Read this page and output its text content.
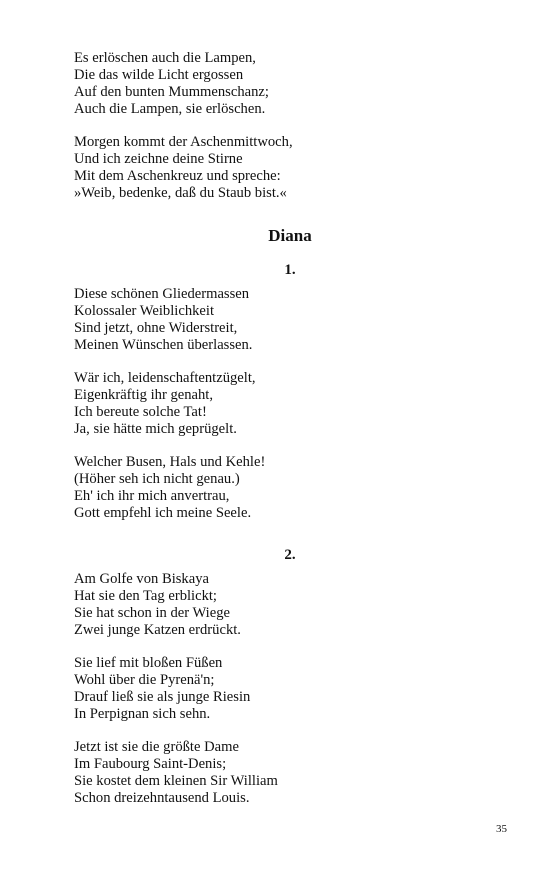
Es erlöschen auch die Lampen,
Die das wilde Licht ergossen
Auf den bunten Mummenschanz;
Auch die Lampen, sie erlöschen.
Morgen kommt der Aschenmittwoch,
Und ich zeichne deine Stirne
Mit dem Aschenkreuz und spreche:
»Weib, bedenke, daß du Staub bist.«
Diana
1.
Diese schönen Gliedermassen
Kolossaler Weiblichkeit
Sind jetzt, ohne Widerstreit,
Meinen Wünschen überlassen.
Wär ich, leidenschaftentzügelt,
Eigenkräftig ihr genaht,
Ich bereute solche Tat!
Ja, sie hätte mich geprügelt.
Welcher Busen, Hals und Kehle!
(Höher seh ich nicht genau.)
Eh' ich ihr mich anvertrau,
Gott empfehl ich meine Seele.
2.
Am Golfe von Biskaya
Hat sie den Tag erblickt;
Sie hat schon in der Wiege
Zwei junge Katzen erdrückt.
Sie lief mit bloßen Füßen
Wohl über die Pyrenä'n;
Drauf ließ sie als junge Riesin
In Perpignan sich sehn.
Jetzt ist sie die größte Dame
Im Faubourg Saint-Denis;
Sie kostet dem kleinen Sir William
Schon dreizehntausend Louis.
35
